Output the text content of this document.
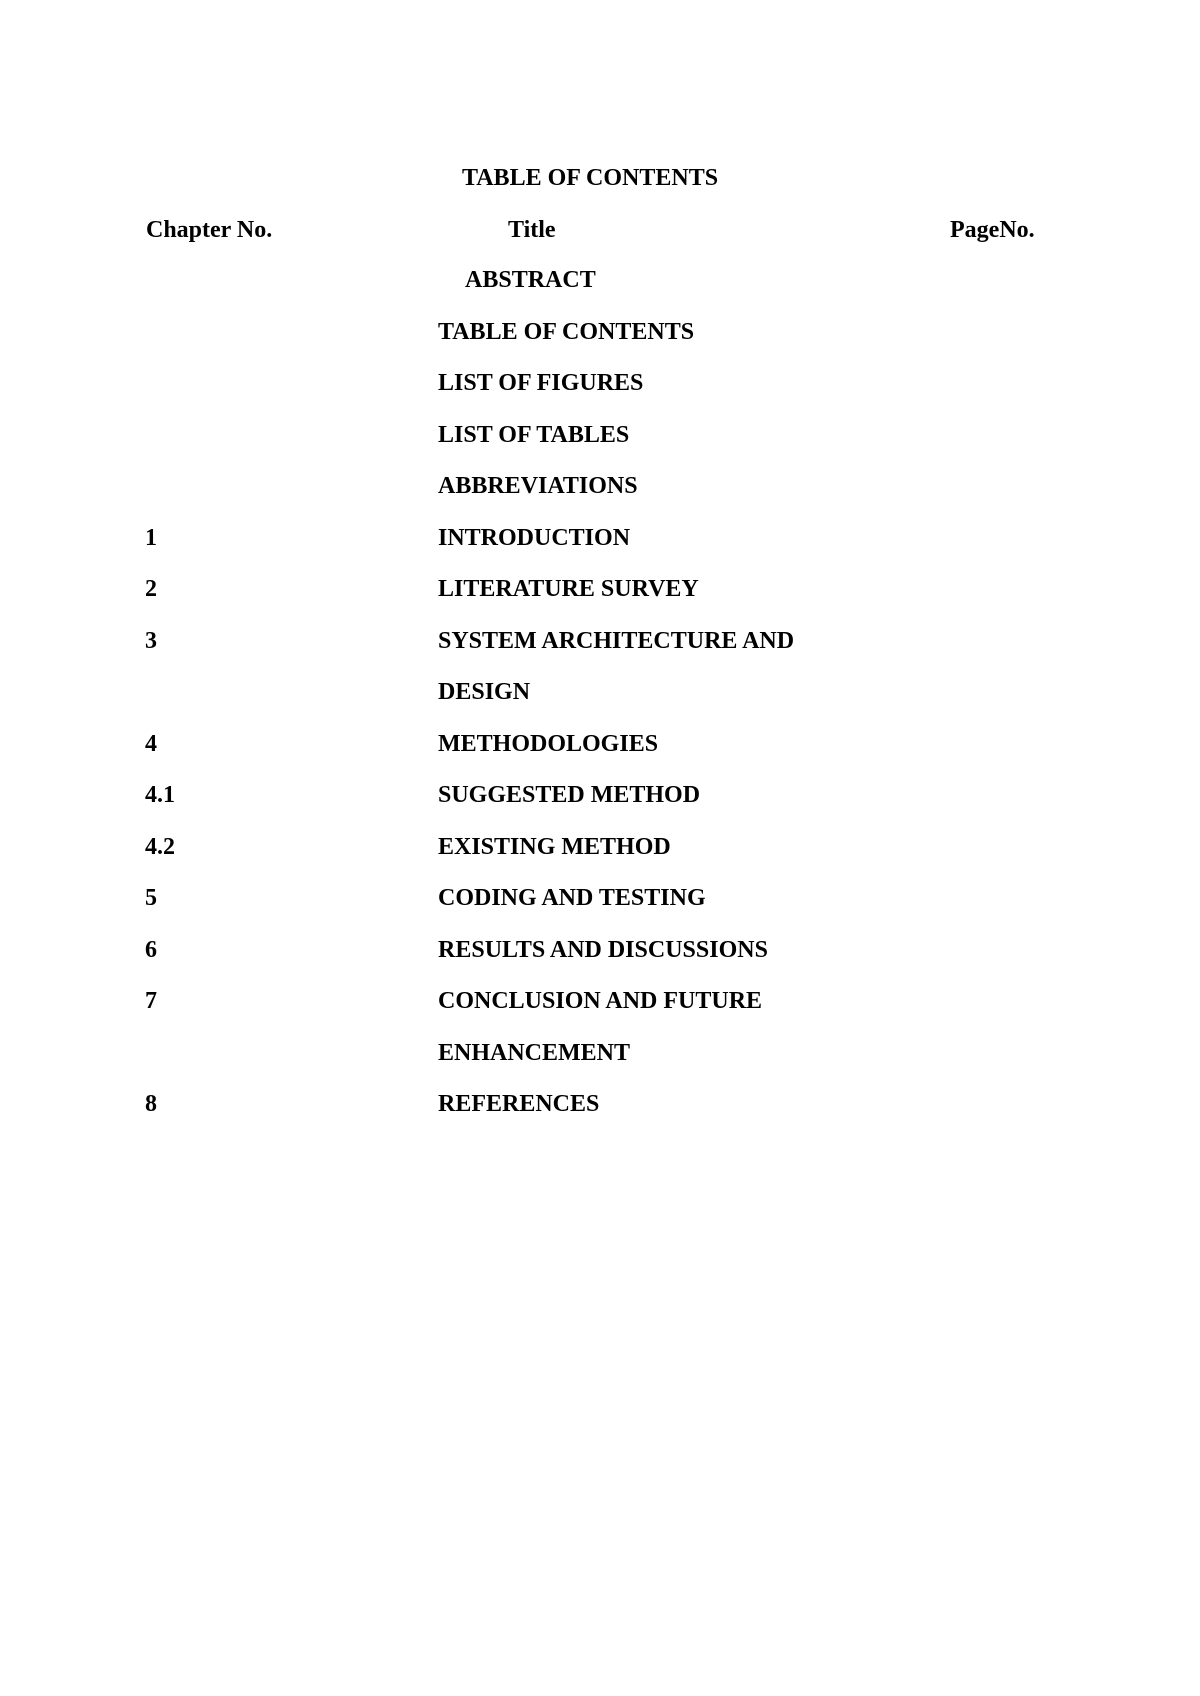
TABLE OF CONTENTS
Chapter No.	Title	PageNo.
ABSTRACT
TABLE OF CONTENTS
LIST OF FIGURES
LIST OF TABLES
ABBREVIATIONS
1	INTRODUCTION
2	LITERATURE SURVEY
3	SYSTEM ARCHITECTURE AND
DESIGN
4	METHODOLOGIES
4.1	SUGGESTED METHOD
4.2	EXISTING METHOD
5	CODING AND TESTING
6	RESULTS AND DISCUSSIONS
7	CONCLUSION AND FUTURE
ENHANCEMENT
8	REFERENCES
